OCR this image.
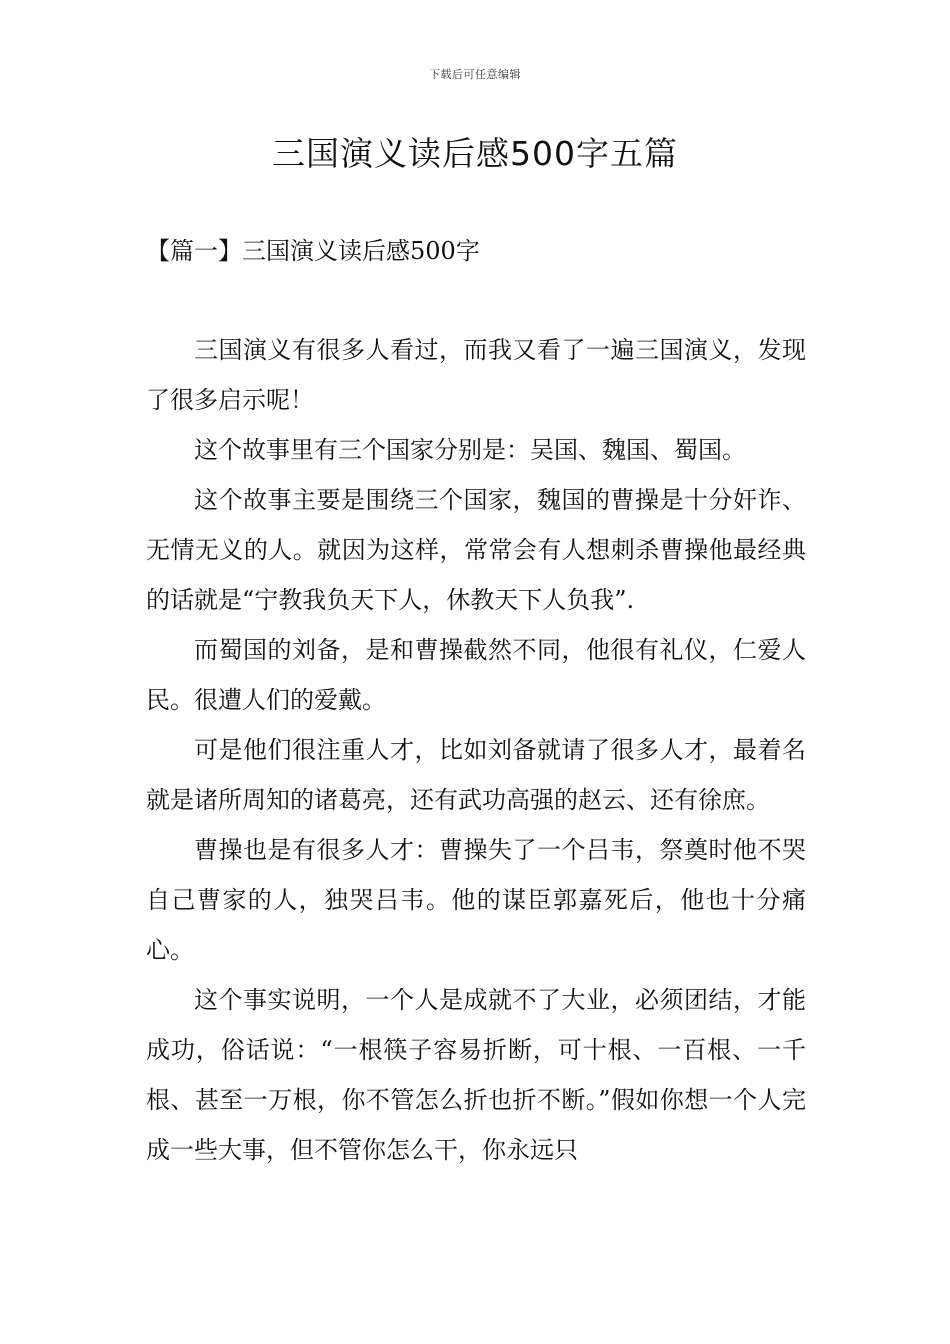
下载后可任意编辑
三国演义读后感500字五篇
【篇一】三国演义读后感500字

三国演义有很多人看过，而我又看了一遍三国演义，发现了很多启示呢！

这个故事里有三个国家分别是：吴国、魏国、蜀国。

这个故事主要是围绕三个国家，魏国的曹操是十分奸诈、无情无义的人。就因为这样，常常会有人想刺杀曹操他最经典的话就是“宁教我负天下人，休教天下人负我”.

而蜀国的刘备，是和曹操截然不同，他很有礼仪，仁爱人民。很遭人们的爱戴。

可是他们很注重人才，比如刘备就请了很多人才，最着名就是诸所周知的诸葛亮，还有武功高强的赵云、还有徐庶。

曹操也是有很多人才：曹操失了一个吕韦，祭奠时他不哭自己曹家的人，独哭吕韦。他的谋臣郭嘉死后，他也十分痛心。

这个事实说明，一个人是成就不了大业，必须团结，才能成功，俗话说：“一根筷子容易折断，可十根、一百根、一千根、甚至一万根，你不管怎么折也折不断。”假如你想一个人完成一些大事，但不管你怎么干，你永远只
